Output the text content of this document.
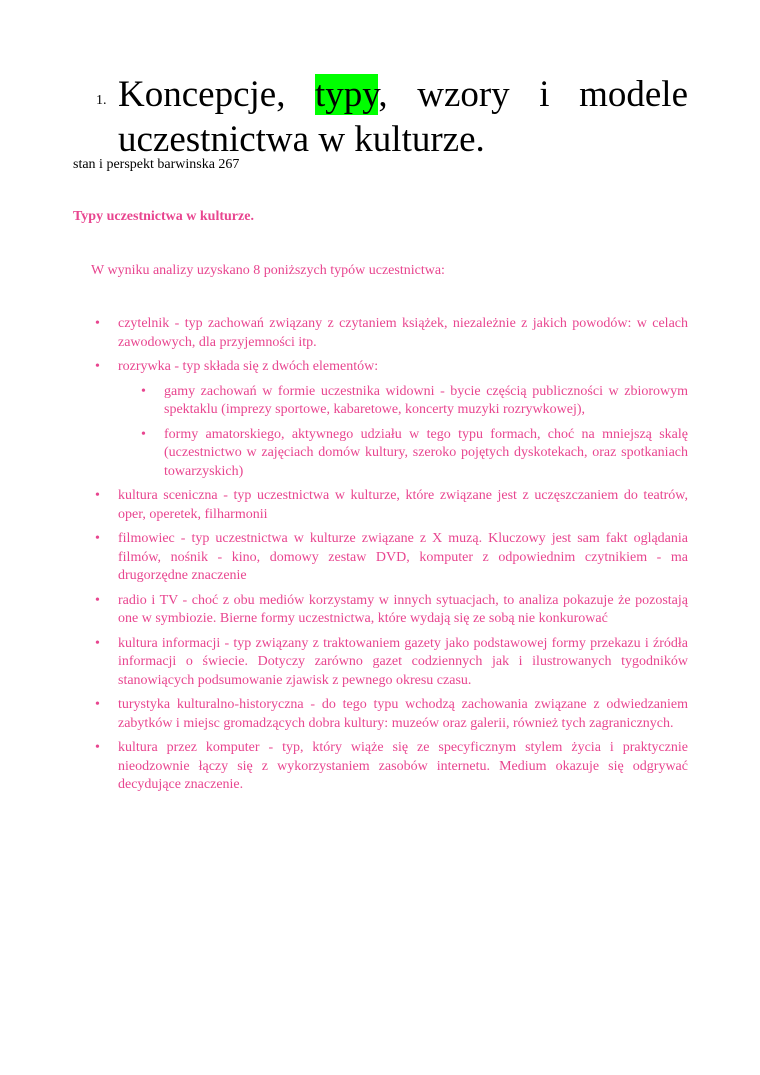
1. Koncepcje, typy, wzory i modele uczestnictwa w kulturze.
stan i perspekt barwinska 267
Typy uczestnictwa w kulturze.
W wyniku analizy uzyskano 8 poniższych typów uczestnictwa:
• czytelnik - typ zachowań związany z czytaniem książek, niezależnie z jakich powodów: w celach zawodowych, dla przyjemności itp.
• rozrywka - typ składa się z dwóch elementów:
• gamy zachowań w formie uczestnika widowni - bycie częścią publiczności w zbiorowym spektaklu (imprezy sportowe, kabaretowe, koncerty muzyki rozrywkowej),
• formy amatorskiego, aktywnego udziału w tego typu formach, choć na mniejszą skalę (uczestnictwo w zajęciach domów kultury, szeroko pojętych dyskotekach, oraz spotkaniach towarzyskich)
• kultura sceniczna - typ uczestnictwa w kulturze, które związane jest z uczęszczaniem do teatrów, oper, operetek, filharmonii
• filmowiec - typ uczestnictwa w kulturze związane z X muzą. Kluczowy jest sam fakt oglądania filmów, nośnik - kino, domowy zestaw DVD, komputer z odpowiednim czytnikiem - ma drugorzędne znaczenie
• radio i TV - choć z obu mediów korzystamy w innych sytuacjach, to analiza pokazuje że pozostają one w symbiozie. Bierne formy uczestnictwa, które wydają się ze sobą nie konkurować
• kultura informacji - typ związany z traktowaniem gazety jako podstawowej formy przekazu i źródła informacji o świecie. Dotyczy zarówno gazet codziennych jak i ilustrowanych tygodników stanowiących podsumowanie zjawisk z pewnego okresu czasu.
• turystyka kulturalno-historyczna - do tego typu wchodzą zachowania związane z odwiedzaniem zabytków i miejsc gromadzących dobra kultury: muzeów oraz galerii, również tych zagranicznych.
• kultura przez komputer - typ, który wiąże się ze specyficznym stylem życia i praktycznie nieodzownie łączy się z wykorzystaniem zasobów internetu. Medium okazuje się odgrywać decydujące znaczenie.
